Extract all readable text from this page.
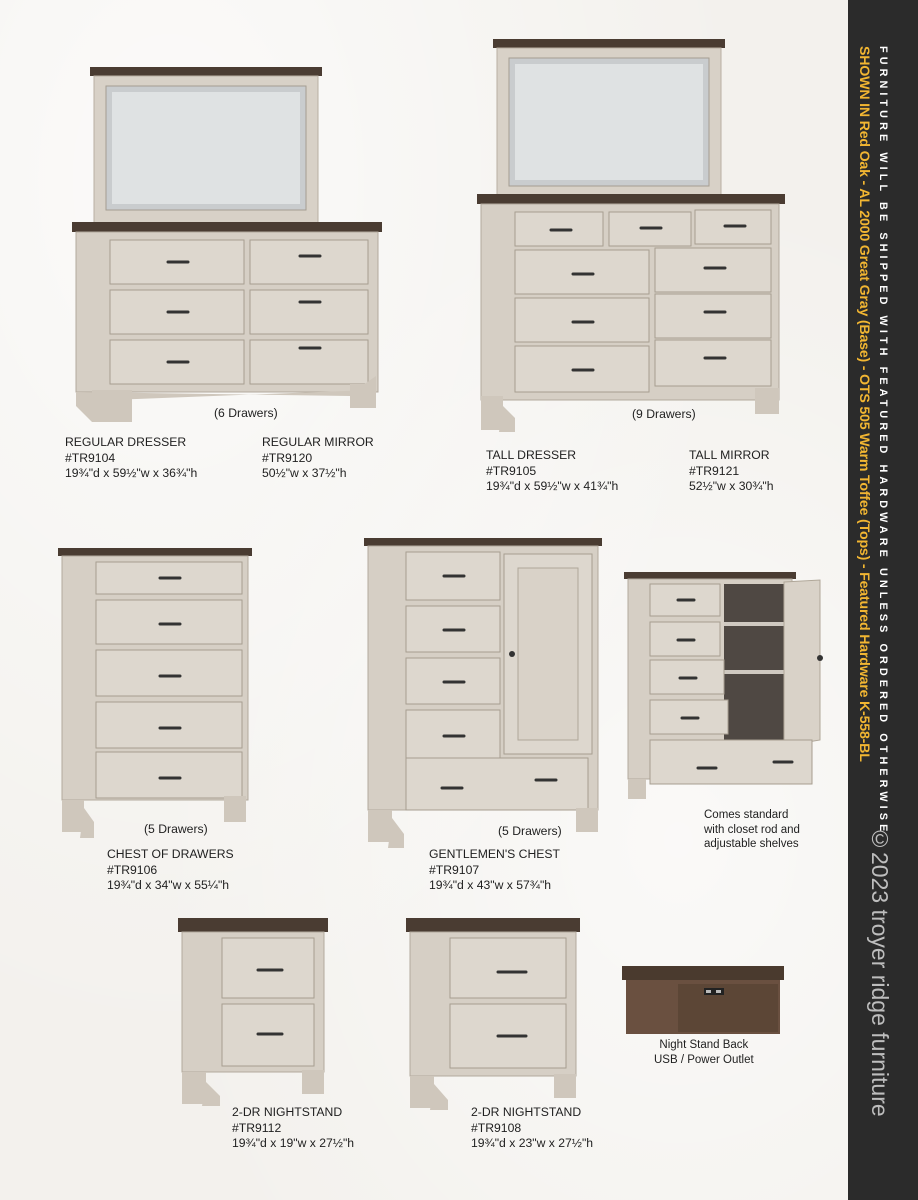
(6 Drawers)
REGULAR DRESSER
#TR9104
19¾"d x 59½"w x 36¾"h
REGULAR MIRROR
#TR9120
50½"w x 37½"h
(9 Drawers)
TALL DRESSER
#TR9105
19¾"d x 59½"w x 41¾"h
TALL MIRROR
#TR9121
52½"w x 30¾"h
(5 Drawers)
CHEST OF DRAWERS
#TR9106
19¾"d x 34"w x 55¼"h
(5 Drawers)
GENTLEMEN'S CHEST
#TR9107
19¾"d x 43"w x 57¾"h
Comes standard
with closet rod and
adjustable shelves
2-DR NIGHTSTAND
#TR9112
19¾"d x 19"w x 27½"h
2-DR NIGHTSTAND
#TR9108
19¾"d x 23"w x 27½"h
Night Stand Back
USB / Power Outlet
SHOWN IN Red Oak - AL 2000 Great Gray (Base) - OTS 505 Warm Toffee (Tops) - Featured Hardware K-558-BL FURNITURE WILL BE SHIPPED WITH FEATURED HARDWARE UNLESS ORDERED OTHERWISE
©2023 troyer ridge furniture
